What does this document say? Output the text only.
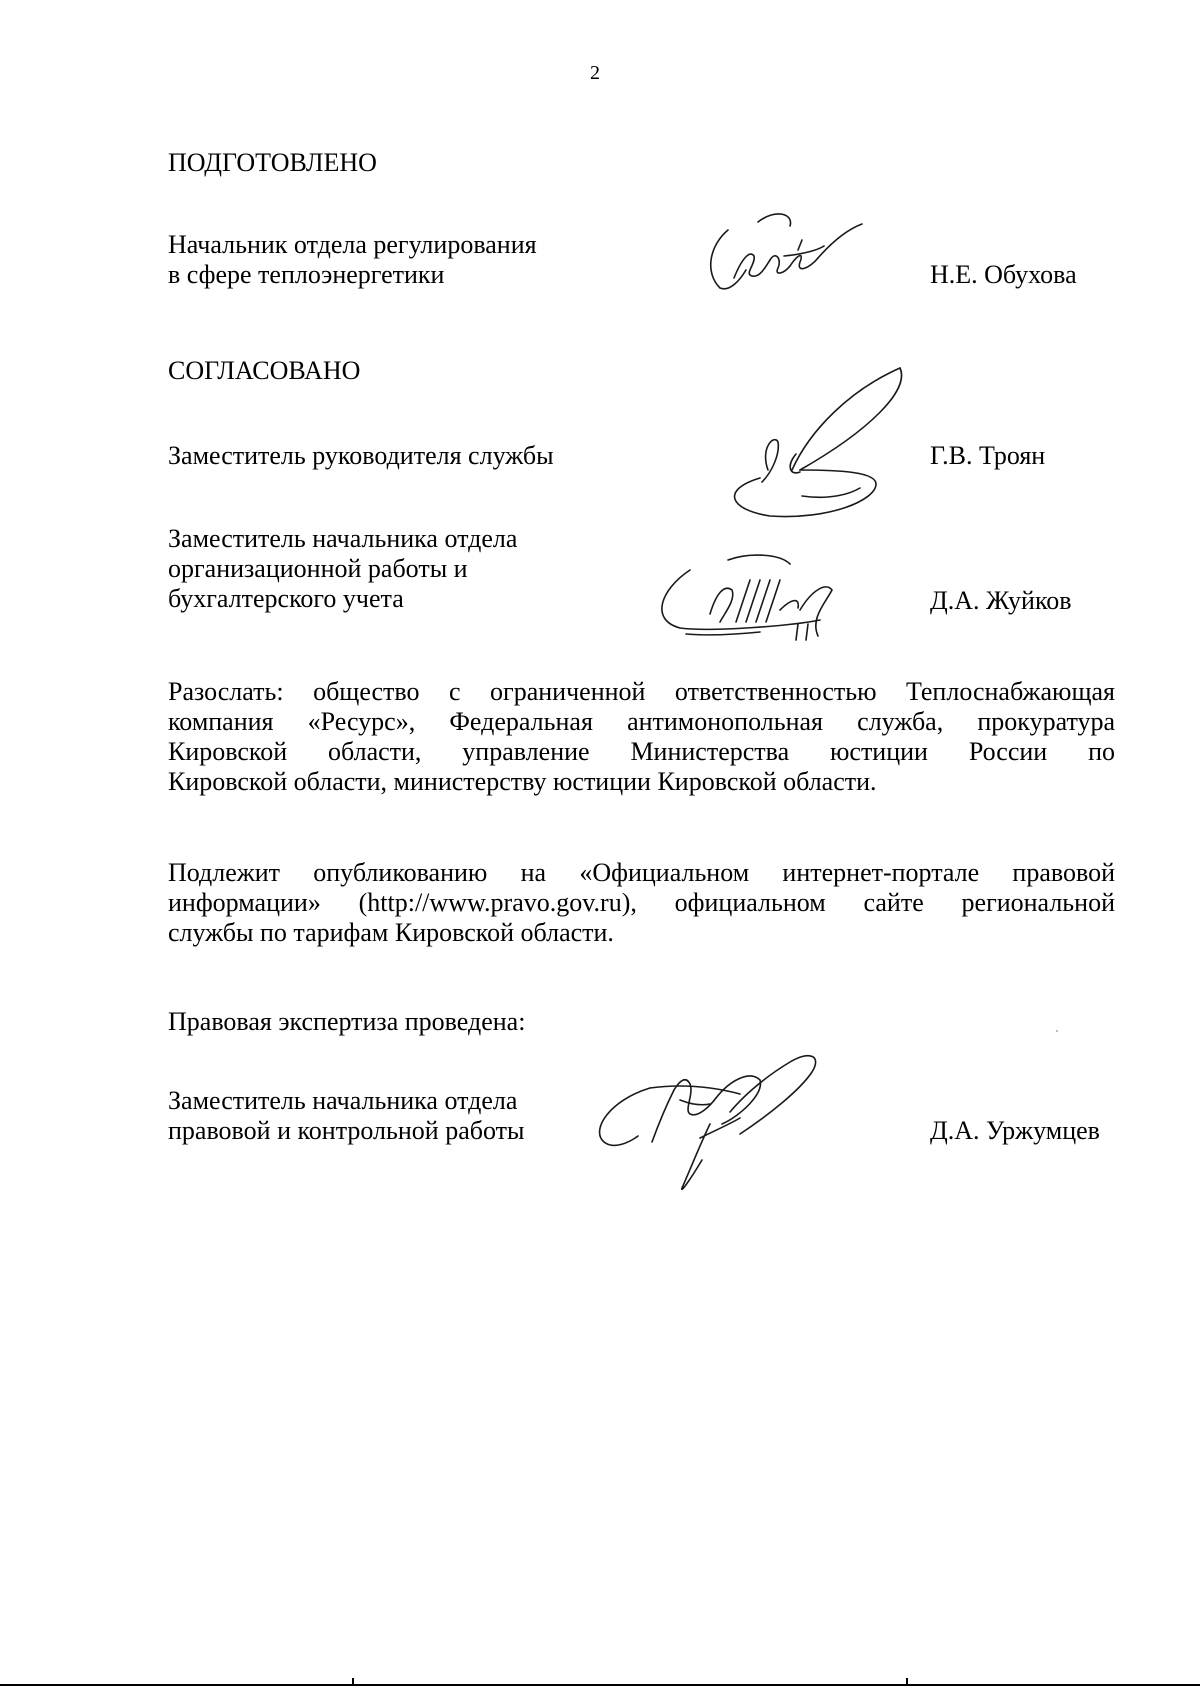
2
ПОДГОТОВЛЕНО
Начальник отдела регулирования
в сфере теплоэнергетики	Н.Е. Обухова
СОГЛАСОВАНО
Заместитель руководителя службы	Г.В. Троян
Заместитель начальника отдела
организационной работы и
бухгалтерского учета	Д.А. Жуйков
Разослать: общество с ограниченной ответственностью Теплоснабжающая
компания «Ресурс», Федеральная антимонопольная служба, прокуратура
Кировской области, управление Министерства юстиции России по
Кировской области, министерству юстиции Кировской области.
Подлежит опубликованию на «Официальном интернет-портале правовой
информации» (http://www.pravo.gov.ru), официальном сайте региональной
службы по тарифам Кировской области.
Правовая экспертиза проведена:
Заместитель начальника отдела
правовой и контрольной работы	Д.А. Уржумцев
